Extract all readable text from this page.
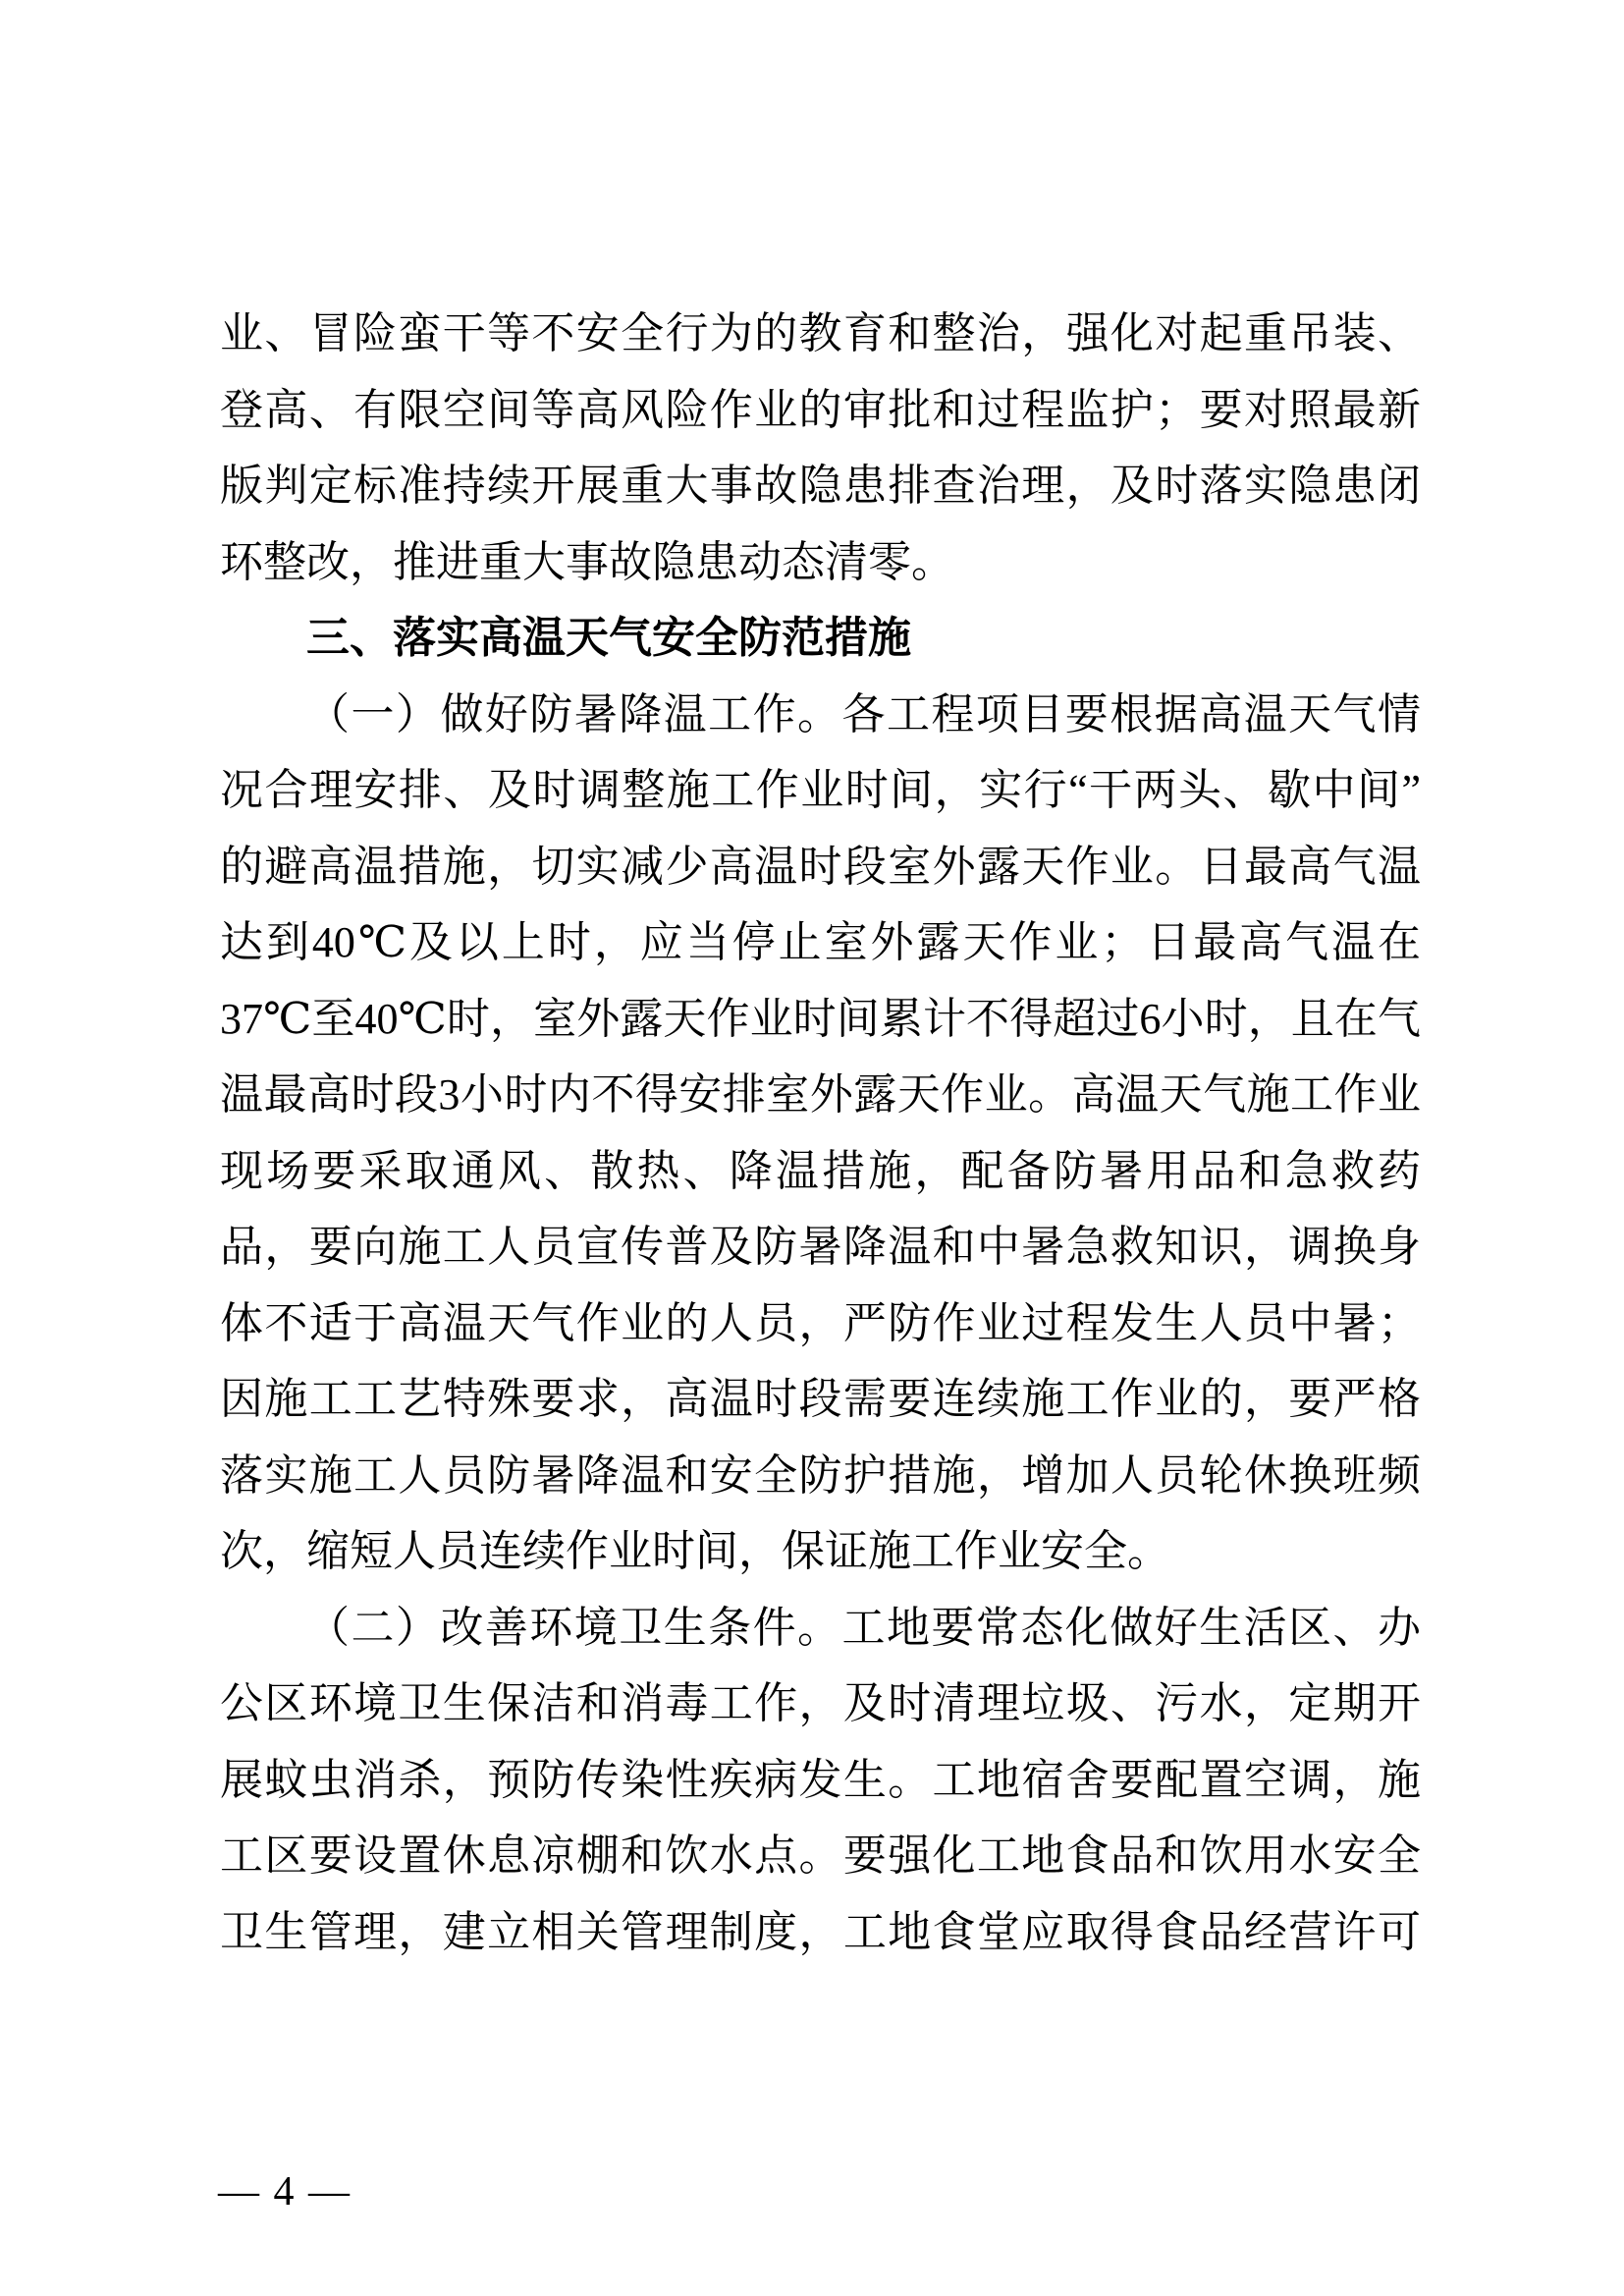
业、冒险蛮干等不安全行为的教育和整治，强化对起重吊装、
登高、有限空间等高风险作业的审批和过程监护；要对照最新
版判定标准持续开展重大事故隐患排查治理，及时落实隐患闭
环整改，推进重大事故隐患动态清零。
三、落实高温天气安全防范措施
（一）做好防暑降温工作。各工程项目要根据高温天气情
况合理安排、及时调整施工作业时间，实行“干两头、歇中间”
的避高温措施，切实减少高温时段室外露天作业。日最高气温
达到40℃及以上时，应当停止室外露天作业；日最高气温在
37℃至40℃时，室外露天作业时间累计不得超过6小时，且在气
温最高时段3小时内不得安排室外露天作业。高温天气施工作业
现场要采取通风、散热、降温措施，配备防暑用品和急救药
品，要向施工人员宣传普及防暑降温和中暑急救知识，调换身
体不适于高温天气作业的人员，严防作业过程发生人员中暑；
因施工工艺特殊要求，高温时段需要连续施工作业的，要严格
落实施工人员防暑降温和安全防护措施，增加人员轮休换班频
次，缩短人员连续作业时间，保证施工作业安全。
（二）改善环境卫生条件。工地要常态化做好生活区、办
公区环境卫生保洁和消毒工作，及时清理垃圾、污水，定期开
展蚊虫消杀，预防传染性疾病发生。工地宿舍要配置空调，施
工区要设置休息凉棚和饮水点。要强化工地食品和饮用水安全
卫生管理，建立相关管理制度，工地食堂应取得食品经营许可
— 4 —
